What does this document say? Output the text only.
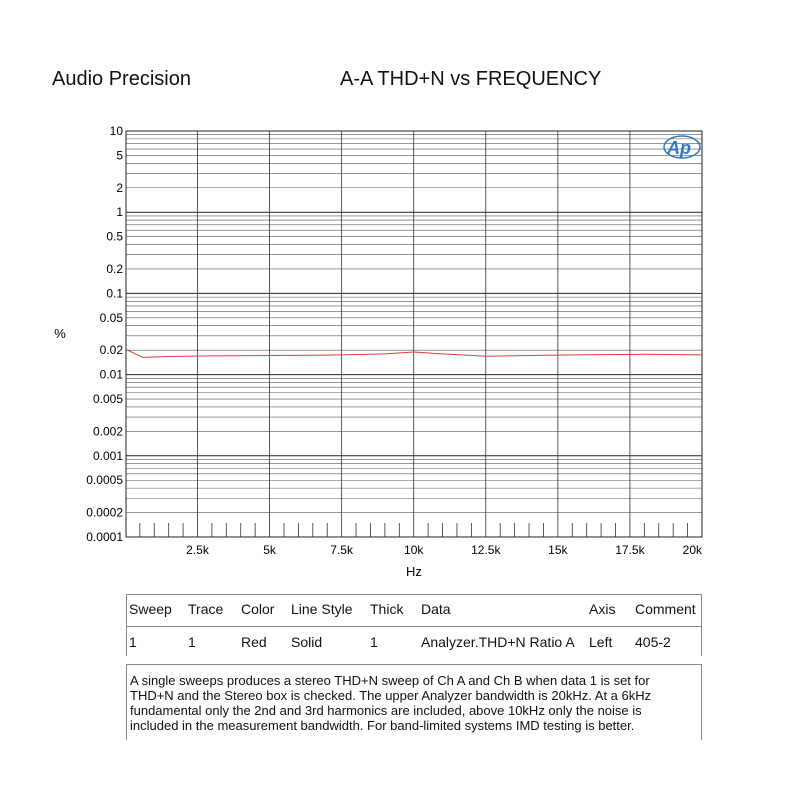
Audio Precision	A-A THD+N vs FREQUENCY
10
5
2
1
0.5
0.2
0.1
0.05
0.02
0.01
0.005
0.002
0.001
0.0005
0.0002
0.0001
2.5k	5k	7.5k	10k	12.5k	15k	17.5k	20k
Hz
%
Ap
Sweep	Trace	Color	Line Style	Thick	Data	Axis	Comment
1	1	Red	Solid	1	Analyzer.THD+N Ratio A	Left	405-2
A single sweeps produces a stereo THD+N sweep of Ch A and Ch B when data 1 is set for
THD+N and the Stereo box is checked. The upper Analyzer bandwidth is 20kHz. At a 6kHz
fundamental only the 2nd and 3rd harmonics are included, above 10kHz only the noise is
included in the measurement bandwidth. For band-limited systems IMD testing is better.
